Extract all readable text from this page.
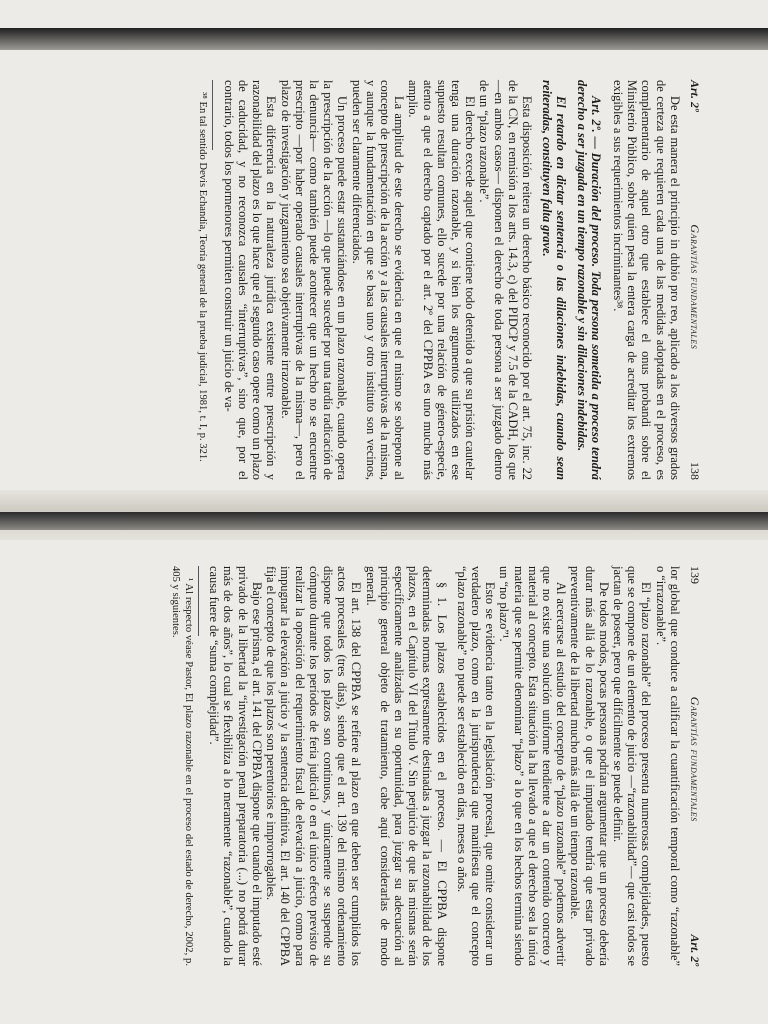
Art. 2º
Garantías fundamentales
138

De esta manera el principio in dubio pro reo, aplicado a los diversos grados de certeza que requieren cada una de las medidas adoptadas en el proceso, es complementario de aquel otro que establece el onus probandi sobre el Ministerio Público, sobre quien pesa la entera carga de acreditar los extremos exigibles a sus requerimientos incriminantes³⁸.

Art. 2º. — Duración del proceso. Toda persona sometida a proceso tendrá derecho a ser juzgada en un tiempo razonable y sin dilaciones indebidas.

El retardo en dictar sentencia o las dilaciones indebidas, cuando sean reiteradas, constituyen falta grave.

Esta disposición reitera un derecho básico reconocido por el art. 75, inc. 22 de la CN, en remisión a los arts. 14.3, c) del PIDCP y 7.5 de la CADH, los que —en ambos casos— disponen el derecho de toda persona a ser juzgado dentro de un “plazo razonable”.

El derecho excede aquel que contiene todo detenido a que su prisión cautelar tenga una duración razonable, y si bien los argumentos utilizados en ese supuesto resultan comunes, ello sucede por una relación de género-especie, atento a que el derecho captado por el art. 2º del CPPBA es uno mucho más amplio.

La amplitud de este derecho se evidencia en que el mismo se sobrepone al concepto de prescripción de la acción y a las causales interruptivas de la misma, y aunque la fundamentación en que se basa uno y otro instituto son vecinos, pueden ser claramente diferenciados.

Un proceso puede estar sustanciándose en un plazo razonable, cuando opera la prescripción de la acción —lo que puede suceder por una tardía radicación de la denuncia— como también puede acontecer que un hecho no se encuentre prescripto —por haber operado causales interruptivas de la misma—, pero el plazo de investigación y juzgamiento sea objetivamente irrazonable.

Esta diferencia en la naturaleza jurídica existente entre prescripción y razonabilidad del plazo es lo que hace que el segundo caso opere como un plazo de caducidad, y no reconozca causales “interruptivas”, sino que, por el contrario, todos los pormenores permiten construir un juicio de va-

³⁸ En tal sentido Devis Echandía, Teoría general de la prueba judicial, 1981, t. I, p. 321.

139
Garantías fundamentales
Art. 2º

lor global que conduce a calificar la cuantificación temporal como “razonable” o “irrazonable”.

El “plazo razonable” del proceso presenta numerosas complejidades, puesto que se compone de un elemento de juicio —“razonabilidad”— que casi todos se jactan de poseer, pero que difícilmente se puede definir.

De todos modos, pocas personas podrían argumentar que un proceso debería durar más allá de lo razonable, o que el imputado tendría que estar privado preventivamente de la libertad mucho más allá de un tiempo razonable.

Al acercarse al estudio del concepto de “plazo razonable” podemos advertir que no existe una solución uniforme tendiente a dar un contenido concreto y material al concepto. Esta situación la ha llevado a que el derecho sea la única materia que se permite denominar “plazo” a lo que en los hechos termina siendo un “no plazo”¹.

Esto se evidencia tanto en la legislación procesal, que omite considerar un verdadero plazo, como en la jurisprudencia que manifiesta que el concepto “plazo razonable” no puede ser establecido en días, meses o años.

§ 1. Los plazos establecidos en el proceso. — El CPPBA dispone determinadas normas expresamente destinadas a juzgar la razonabilidad de los plazos, en el Capítulo VI del Título V. Sin perjuicio de que las mismas serán específicamente analizadas en su oportunidad, para juzgar su adecuación al principio general objeto de tratamiento, cabe aquí considerarlas de modo general.

El art. 138 del CPPBA se refiere al plazo en que deben ser cumplidos los actos procesales (tres días), siendo que el art. 139 del mismo ordenamiento dispone que todos los plazos son continuos, y únicamente se suspende su cómputo durante los períodos de feria judicial o en el único efecto previsto de realizar la oposición del requerimiento fiscal de elevación a juicio, como para impugnar la elevación a juicio y la sentencia definitiva. El art. 140 del CPPBA fija el concepto de que los plazos son perentorios e improrrogables.

Bajo ese prisma, el art. 141 del CPPBA dispone que cuando el imputado esté privado de la libertad la “investigación penal preparatoria (...) no podrá durar más de dos años”, lo cual se flexibiliza a lo meramente “razonable”, cuando la causa fuere de “suma complejidad”.

¹ Al respecto véase Pastor, El plazo razonable en el proceso del estado de derecho, 2002, p. 405 y siguientes.
